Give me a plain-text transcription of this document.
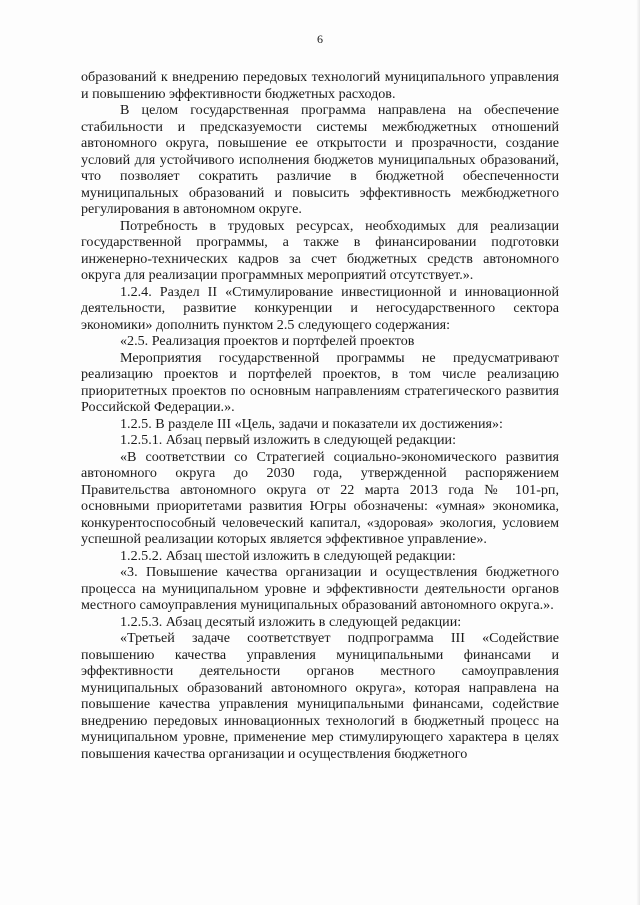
6

образований к внедрению передовых технологий муниципального управления и повышению эффективности бюджетных расходов.

В целом государственная программа направлена на обеспечение стабильности и предсказуемости системы межбюджетных отношений автономного округа, повышение ее открытости и прозрачности, создание условий для устойчивого исполнения бюджетов муниципальных образований, что позволяет сократить различие в бюджетной обеспеченности муниципальных образований и повысить эффективность межбюджетного регулирования в автономном округе.

Потребность в трудовых ресурсах, необходимых для реализации государственной программы, а также в финансировании подготовки инженерно-технических кадров за счет бюджетных средств автономного округа для реализации программных мероприятий отсутствует.».

1.2.4. Раздел II «Стимулирование инвестиционной и инновационной деятельности, развитие конкуренции и негосударственного сектора экономики» дополнить пунктом 2.5 следующего содержания:

«2.5. Реализация проектов и портфелей проектов

Мероприятия государственной программы не предусматривают реализацию проектов и портфелей проектов, в том числе реализацию приоритетных проектов по основным направлениям стратегического развития Российской Федерации.».

1.2.5. В разделе III «Цель, задачи и показатели их достижения»:

1.2.5.1. Абзац первый изложить в следующей редакции:

«В соответствии со Стратегией социально-экономического развития автономного округа до 2030 года, утвержденной распоряжением Правительства автономного округа от 22 марта 2013 года № 101-рп, основными приоритетами развития Югры обозначены: «умная» экономика, конкурентоспособный человеческий капитал, «здоровая» экология, условием успешной реализации которых является эффективное управление».

1.2.5.2. Абзац шестой изложить в следующей редакции:

«3. Повышение качества организации и осуществления бюджетного процесса на муниципальном уровне и эффективности деятельности органов местного самоуправления муниципальных образований автономного округа.».

1.2.5.3. Абзац десятый изложить в следующей редакции:

«Третьей задаче соответствует подпрограмма III «Содействие повышению качества управления муниципальными финансами и эффективности деятельности органов местного самоуправления муниципальных образований автономного округа», которая направлена на повышение качества управления муниципальными финансами, содействие внедрению передовых инновационных технологий в бюджетный процесс на муниципальном уровне, применение мер стимулирующего характера в целях повышения качества организации и осуществления бюджетного
